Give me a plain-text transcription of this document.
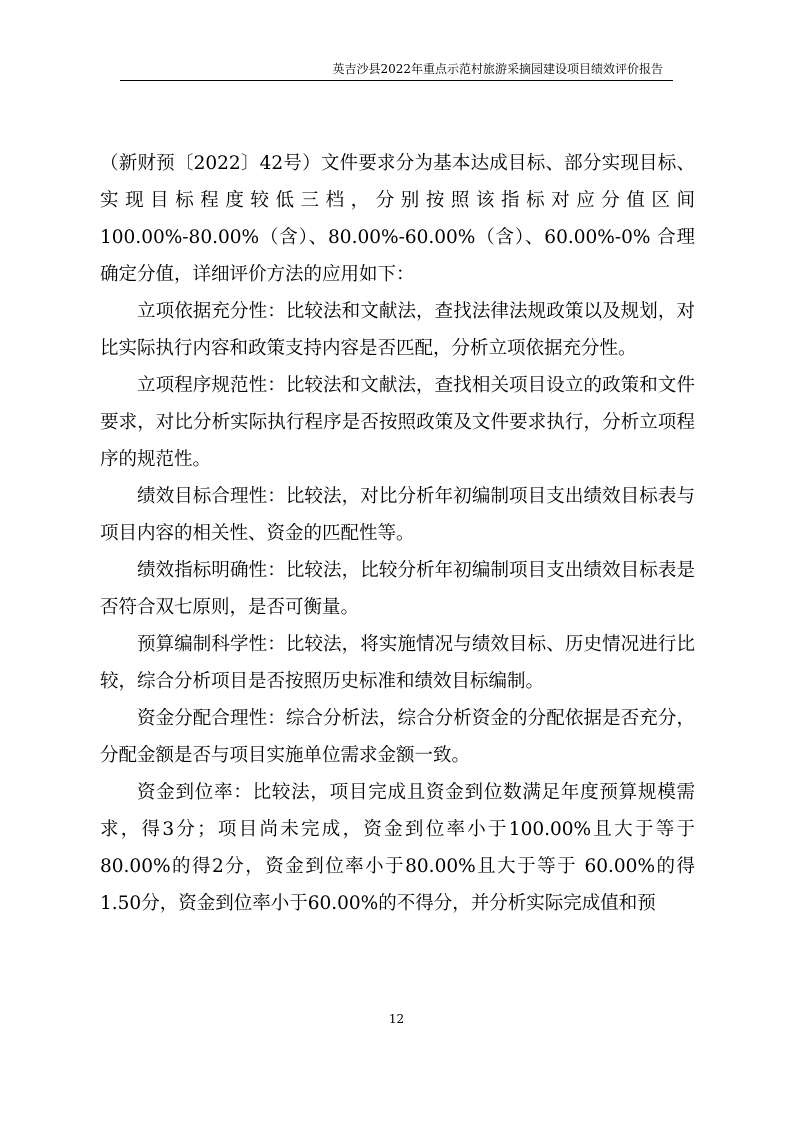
英吉沙县2022年重点示范村旅游采摘园建设项目绩效评价报告

（新财预〔2022〕42号）文件要求分为基本达成目标、部分实现目标、实现目标程度较低三档，分别按照该指标对应分值区间100.00%-80.00%（含）、80.00%-60.00%（含）、60.00%-0% 合理确定分值，详细评价方法的应用如下：

立项依据充分性：比较法和文献法，查找法律法规政策以及规划，对比实际执行内容和政策支持内容是否匹配，分析立项依据充分性。

立项程序规范性：比较法和文献法，查找相关项目设立的政策和文件要求，对比分析实际执行程序是否按照政策及文件要求执行，分析立项程序的规范性。

绩效目标合理性：比较法，对比分析年初编制项目支出绩效目标表与项目内容的相关性、资金的匹配性等。

绩效指标明确性：比较法，比较分析年初编制项目支出绩效目标表是否符合双七原则，是否可衡量。

预算编制科学性：比较法，将实施情况与绩效目标、历史情况进行比较，综合分析项目是否按照历史标准和绩效目标编制。

资金分配合理性：综合分析法，综合分析资金的分配依据是否充分，分配金额是否与项目实施单位需求金额一致。

资金到位率：比较法，项目完成且资金到位数满足年度预算规模需求，得3分；项目尚未完成，资金到位率小于100.00%且大于等于80.00%的得2分，资金到位率小于80.00%且大于等于 60.00%的得1.50分，资金到位率小于60.00%的不得分，并分析实际完成值和预

12
